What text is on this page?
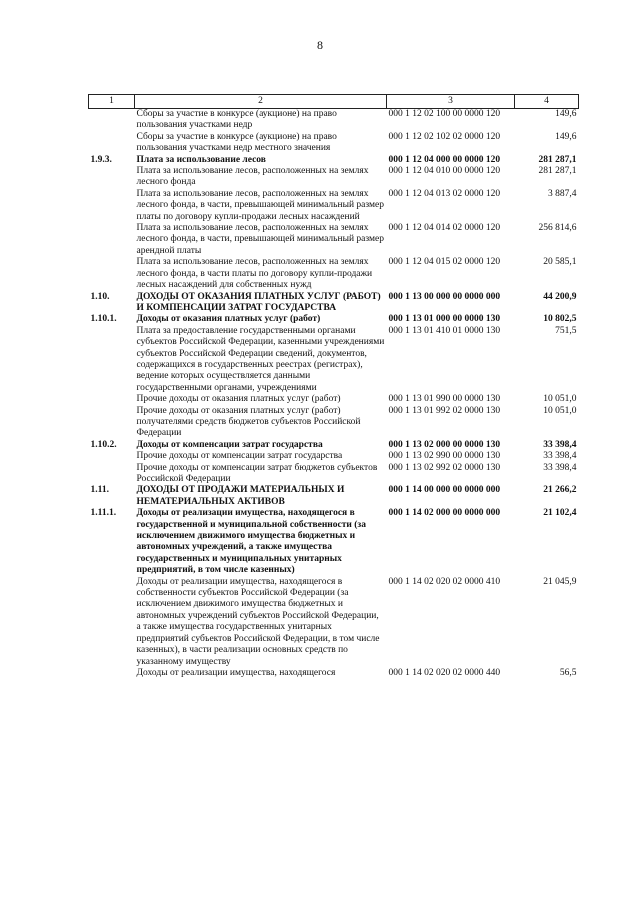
8
1	2	3	4
	Сборы за участие в конкурсе (аукционе) на право пользования участками недр	000 1 12 02 100 00 0000 120	149,6
	Сборы за участие в конкурсе (аукционе) на право пользования участками недр местного значения	000 1 12 02 102 02 0000 120	149,6
1.9.3.	Плата за использование лесов	000 1 12 04 000 00 0000 120	281 287,1
	Плата за использование лесов, расположенных на землях лесного фонда	000 1 12 04 010 00 0000 120	281 287,1
	Плата за использование лесов, расположенных на землях лесного фонда, в части, превышающей минимальный размер платы по договору купли-продажи лесных насаждений	000 1 12 04 013 02 0000 120	3 887,4
	Плата за использование лесов, расположенных на землях лесного фонда, в части, превышающей минимальный размер арендной платы	000 1 12 04 014 02 0000 120	256 814,6
	Плата за использование лесов, расположенных на землях лесного фонда, в части платы по договору купли-продажи лесных насаждений для собственных нужд	000 1 12 04 015 02 0000 120	20 585,1
1.10.	ДОХОДЫ ОТ ОКАЗАНИЯ ПЛАТНЫХ УСЛУГ (РАБОТ) И КОМПЕНСАЦИИ ЗАТРАТ ГОСУДАРСТВА	000 1 13 00 000 00 0000 000	44 200,9
1.10.1.	Доходы от оказания платных услуг (работ)	000 1 13 01 000 00 0000 130	10 802,5
	Плата за предоставление государственными органами субъектов Российской Федерации, казенными учреждениями субъектов Российской Федерации сведений, документов, содержащихся в государственных реестрах (регистрах), ведение которых осуществляется данными государственными органами, учреждениями	000 1 13 01 410 01 0000 130	751,5
	Прочие доходы от оказания платных услуг (работ)	000 1 13 01 990 00 0000 130	10 051,0
	Прочие доходы от оказания платных услуг (работ) получателями средств бюджетов субъектов Российской Федерации	000 1 13 01 992 02 0000 130	10 051,0
1.10.2.	Доходы от компенсации затрат государства	000 1 13 02 000 00 0000 130	33 398,4
	Прочие доходы от компенсации затрат государства	000 1 13 02 990 00 0000 130	33 398,4
	Прочие доходы от компенсации затрат бюджетов субъектов Российской Федерации	000 1 13 02 992 02 0000 130	33 398,4
1.11.	ДОХОДЫ ОТ ПРОДАЖИ МАТЕРИАЛЬНЫХ И НЕМАТЕРИАЛЬНЫХ АКТИВОВ	000 1 14 00 000 00 0000 000	21 266,2
1.11.1.	Доходы от реализации имущества, находящегося в государственной и муниципальной собственности (за исключением движимого имущества бюджетных и автономных учреждений, а также имущества государственных и муниципальных унитарных предприятий, в том числе казенных)	000 1 14 02 000 00 0000 000	21 102,4
	Доходы от реализации имущества, находящегося в собственности субъектов Российской Федерации (за исключением движимого имущества бюджетных и автономных учреждений субъектов Российской Федерации, а также имущества государственных унитарных предприятий субъектов Российской Федерации, в том числе казенных), в части реализации основных средств по указанному имуществу	000 1 14 02 020 02 0000 410	21 045,9
	Доходы от реализации имущества, находящегося	000 1 14 02 020 02 0000 440	56,5
